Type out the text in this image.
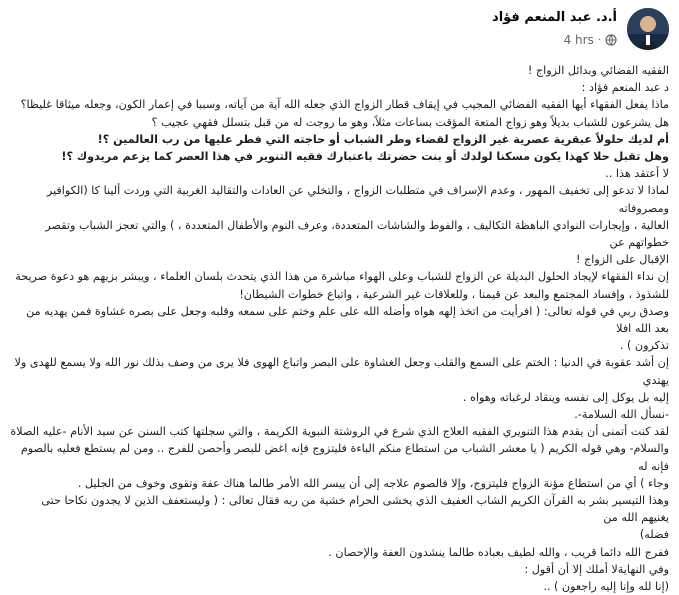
أ.د. عبد المنعم فؤاد
4 hrs ·

الفقيه الفضائي وبدائل الزواج !

د عبد المنعم فؤاد :

ماذا يفعل الفقهاء أيها الفقيه الفضائي المجيب في إيقاف قطار الزواج الذي جعله الله آية من آياته، وسببا في إعمار الكون، وجعله ميثاقا غليظا؟

هل يشرعون للشباب بديلاً وهو زواج المتعة المؤقت بساعات مثلاً، وهو ما روجت له من قبل بتسلل فقهي عجيب ؟

أم لديك حلولاً عبقرية عصرية غير الزواج لقضاء وطر الشباب أو حاجته التي فطر عليها من رب العالمين ؟!

وهل تقبل حلا كهذا يكون مسكنا لولدك أو بنت حضرتك باعتبارك فقيه التنوير في هذا العصر كما يزعم مريدوك ؟!

لا أعتقد هذا ..

لماذا لا تدعو إلى تخفيف المهور ، وعدم الإسراف في متطلبات الزواج ، والتخلي عن العادات والتقاليد الغربية التي وردت ألينا كا (الكوافير ومصروفاته

العالية ، وإيجارات النوادي الباهظة التكاليف ، والفوط والشاشات المتعددة، وعرف النوم والأطفال المتعددة ، ) والتي تعجز الشباب وتقصر خطواتهم عن

الإقبال على الزواج !

إن نداء الفقهاء لإيجاد الحلول البديلة عن الزواج للشباب وعلى الهواء مباشرة من هذا الذي يتحدث بلسان العلماء ، ويبشر بزيهم هو دعوة صريحة

للشذوذ ، وإفساد المجتمع والبعد عن قيمنا ، وللعلاقات غير الشرعية ، واتباع خطوات الشيطان!

وصدق ربي في قوله تعالى: ( افرأيت من اتخذ إلهه هواه وأضله الله على علم وختم على سمعه وقلبه وجعل على بصره غشاوة فمن يهديه من بعد الله افلا

تذكرون ) .

إن أشد عقوبة في الدنيا : الختم على السمع والقلب وجعل الغشاوة على البصر واتباع الهوى فلا يرى من وصف بذلك نور الله ولا يسمع للهدى ولا يهتدي

إليه بل يوكل إلى نفسه وينقاد لرغباته وهواه .

-نسأل الله السلامة-.

لقد كنت أتمنى أن يقدم هذا التنويري الفقيه العلاج الذي شرع في الروشتة النبوية الكريمة ، والتي سجلتها كتب السنن عن سيد الأنام -عليه الصلاة

والسلام- وهي قوله الكريم ( يا معشر الشباب من استطاع منكم الباءة فليتزوج فإنه اغض للبصر وأحصن للفرج .. ومن لم يستطع فعليه بالصوم فإنه له

وجاء ) أي من استطاع مؤنة الزواج فليتزوج، وإلا فالصوم علاجه إلى أن ييسر الله الأمر طالما هناك عفة وتقوى وخوف من الجليل .

وهذا التيسير بشر به القرآن الكريم الشاب العفيف الذي يخشى الحرام خشية من ربه فقال تعالى : ( وليستعفف الذين لا يجدون نكاحا حتى يغنيهم الله من

فضله)

ففرج الله دائما قريب ، والله لطيف بعباده طالما ينشدون العفة والإحصان .

وفي النهايةلا أملك إلا أن أقول :

(إنا لله وإنا إليه راجعون ) ..
